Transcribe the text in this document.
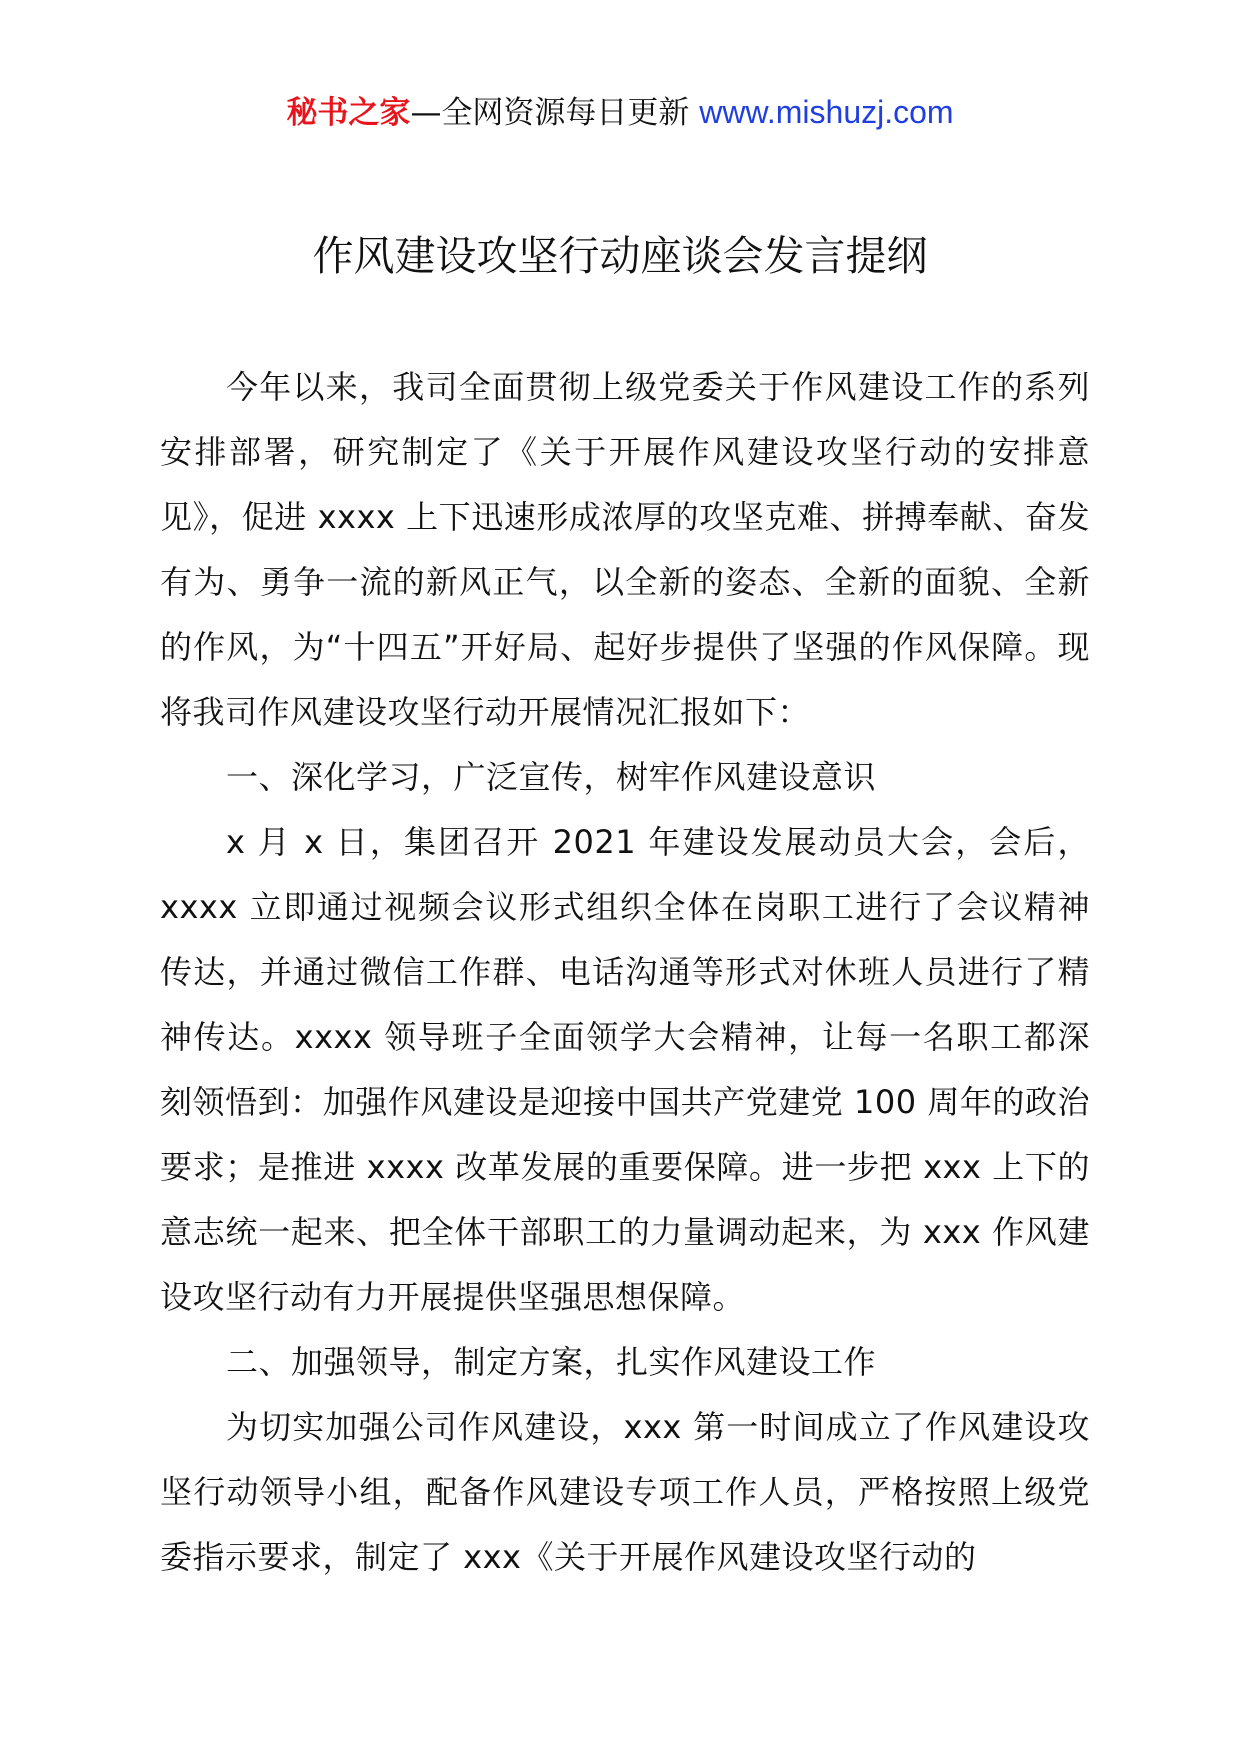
秘书之家—全网资源每日更新 www.mishuzj.com
作风建设攻坚行动座谈会发言提纲

今年以来，我司全面贯彻上级党委关于作风建设工作的系列安排部署，研究制定了《关于开展作风建设攻坚行动的安排意见》，促进 xxxx 上下迅速形成浓厚的攻坚克难、拼搏奉献、奋发有为、勇争一流的新风正气，以全新的姿态、全新的面貌、全新的作风，为“十四五”开好局、起好步提供了坚强的作风保障。现将我司作风建设攻坚行动开展情况汇报如下：

一、深化学习，广泛宣传，树牢作风建设意识

x 月 x 日，集团召开 2021 年建设发展动员大会，会后，xxxx 立即通过视频会议形式组织全体在岗职工进行了会议精神传达，并通过微信工作群、电话沟通等形式对休班人员进行了精神传达。xxxx 领导班子全面领学大会精神，让每一名职工都深刻领悟到：加强作风建设是迎接中国共产党建党 100 周年的政治要求；是推进 xxxx 改革发展的重要保障。进一步把 xxx 上下的意志统一起来、把全体干部职工的力量调动起来，为 xxx 作风建设攻坚行动有力开展提供坚强思想保障。

二、加强领导，制定方案，扎实作风建设工作

为切实加强公司作风建设，xxx 第一时间成立了作风建设攻坚行动领导小组，配备作风建设专项工作人员，严格按照上级党委指示要求，制定了 xxx《关于开展作风建设攻坚行动的
